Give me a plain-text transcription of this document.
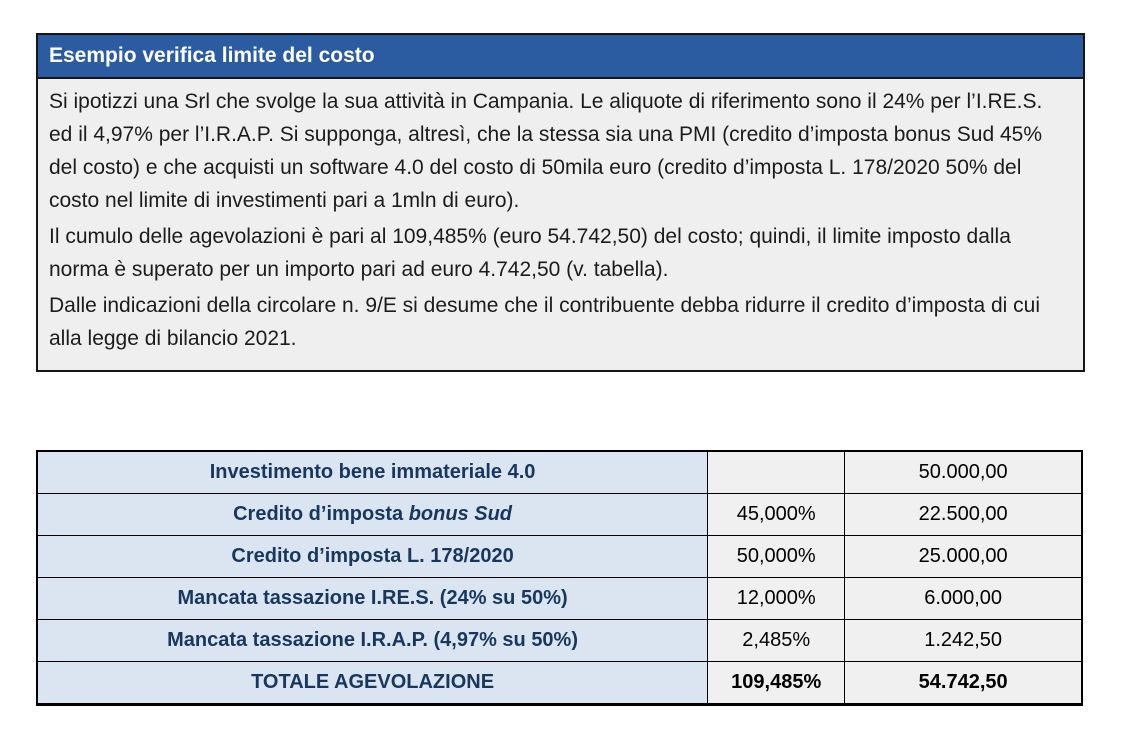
Esempio verifica limite del costo

Si ipotizzi una Srl che svolge la sua attività in Campania. Le aliquote di riferimento sono il 24% per l’I.RE.S. ed il 4,97% per l’I.R.A.P. Si supponga, altresì, che la stessa sia una PMI (credito d’imposta bonus Sud 45% del costo) e che acquisti un software 4.0 del costo di 50mila euro (credito d’imposta L. 178/2020 50% del costo nel limite di investimenti pari a 1mln di euro).

Il cumulo delle agevolazioni è pari al 109,485% (euro 54.742,50) del costo; quindi, il limite imposto dalla norma è superato per un importo pari ad euro 4.742,50 (v. tabella).

Dalle indicazioni della circolare n. 9/E si desume che il contribuente debba ridurre il credito d’imposta di cui alla legge di bilancio 2021.

Investimento bene immateriale 4.0		50.000,00
Credito d’imposta bonus Sud	45,000%	22.500,00
Credito d’imposta L. 178/2020	50,000%	25.000,00
Mancata tassazione I.RE.S. (24% su 50%)	12,000%	6.000,00
Mancata tassazione I.R.A.P. (4,97% su 50%)	2,485%	1.242,50
TOTALE AGEVOLAZIONE	109,485%	54.742,50
